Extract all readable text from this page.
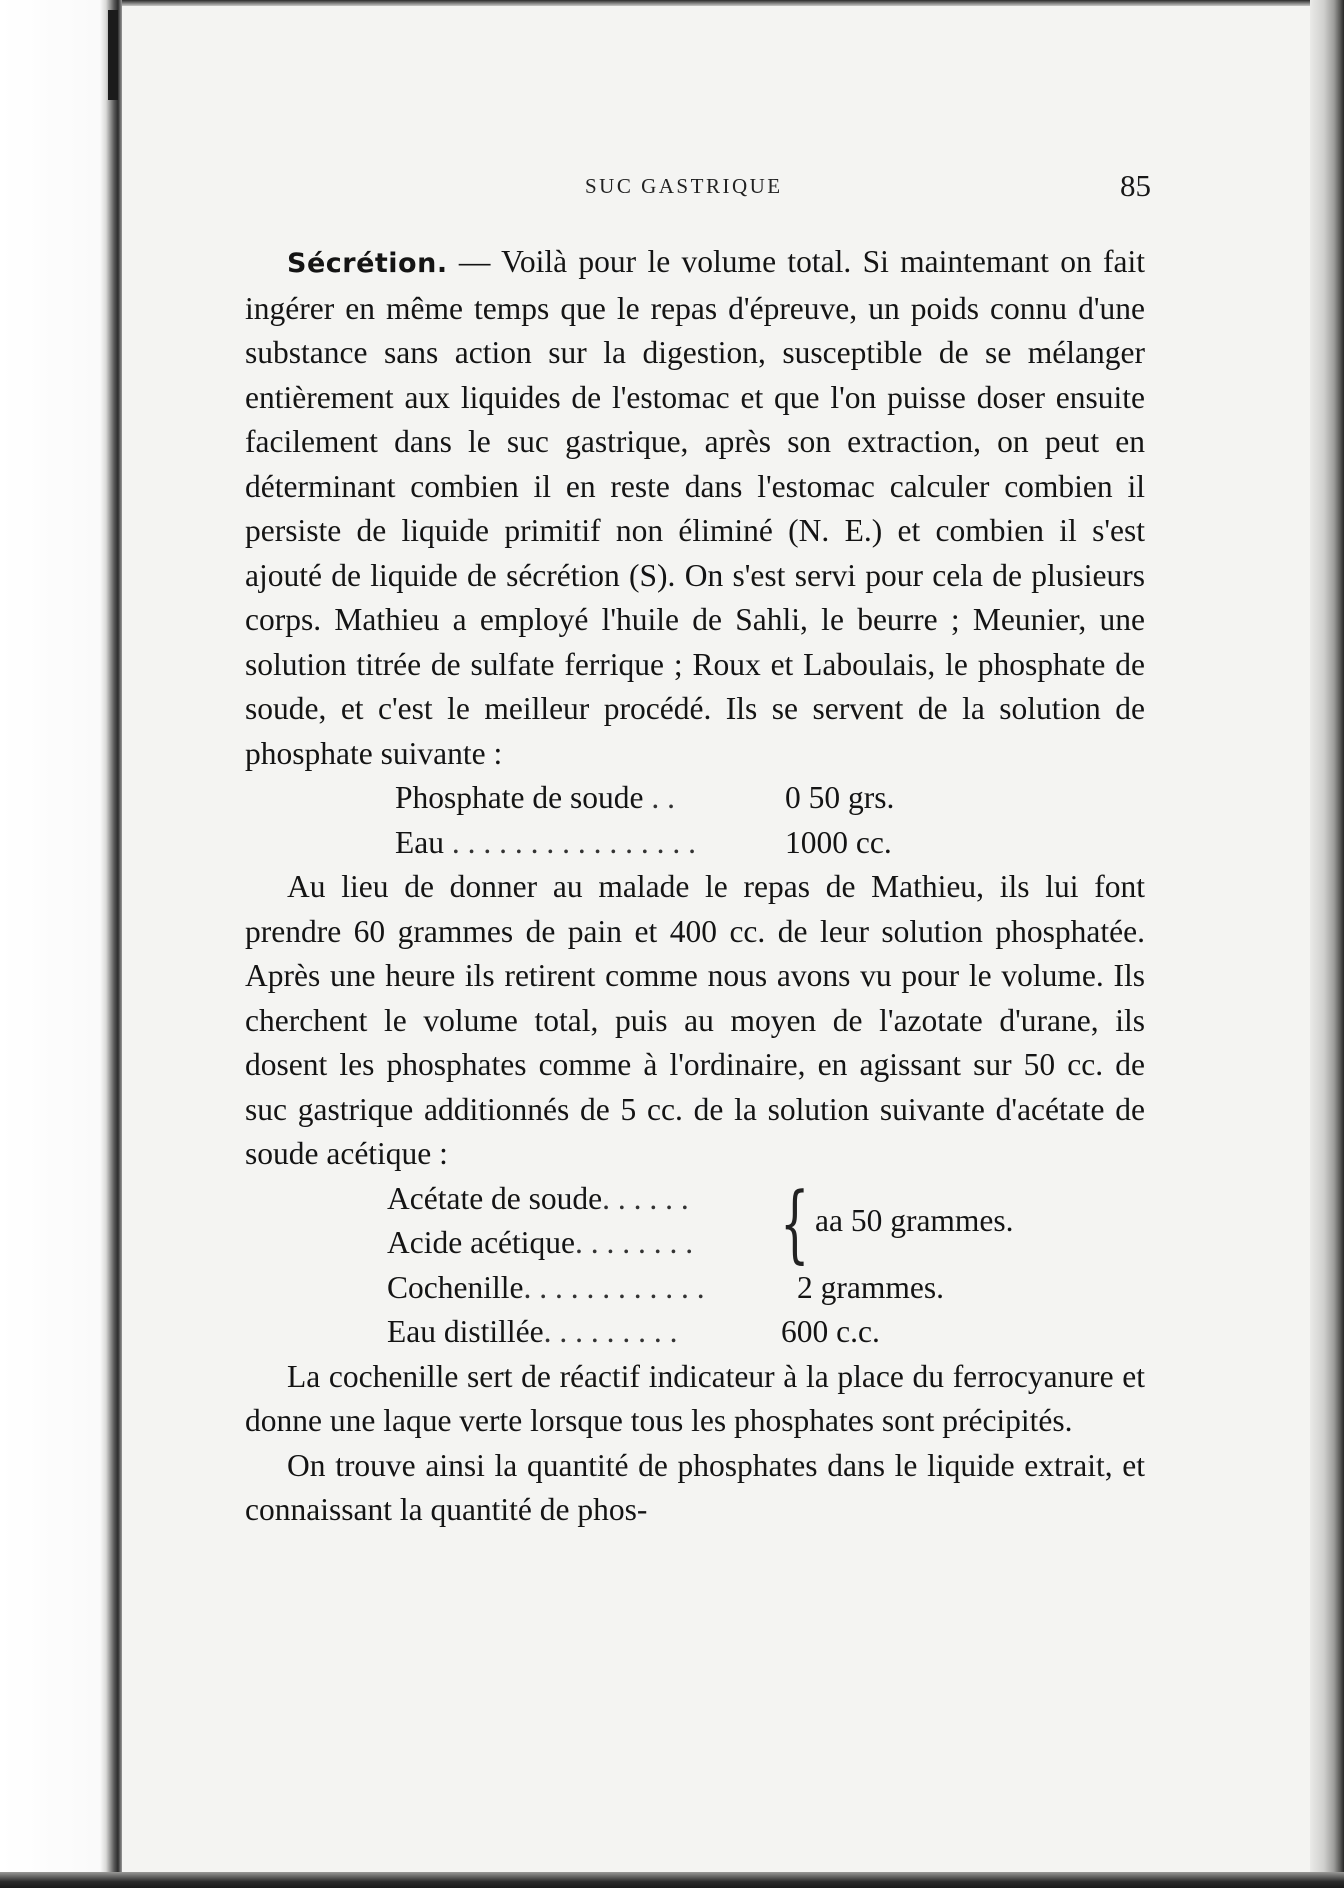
SUC GASTRIQUE	85

Sécrétion. — Voilà pour le volume total. Si maintemant on fait ingérer en même temps que le repas d'épreuve, un poids connu d'une substance sans action sur la digestion, susceptible de se mélanger entièrement aux liquides de l'estomac et que l'on puisse doser ensuite facilement dans le suc gastrique, après son extraction, on peut en déterminant combien il en reste dans l'estomac calculer combien il persiste de liquide primitif non éliminé (N. E.) et combien il s'est ajouté de liquide de sécrétion (S). On s'est servi pour cela de plusieurs corps. Mathieu a employé l'huile de Sahli, le beurre ; Meunier, une solution titrée de sulfate ferrique ; Roux et Laboulais, le phosphate de soude, et c'est le meilleur procédé. Ils se servent de la solution de phosphate suivante :

Phosphate de soude . .	0 50 grs.
Eau . . . . . . . . . . . . . . . .	1000 cc.

Au lieu de donner au malade le repas de Mathieu, ils lui font prendre 60 grammes de pain et 400 cc. de leur solution phosphatée. Après une heure ils retirent comme nous avons vu pour le volume. Ils cherchent le volume total, puis au moyen de l'azotate d'urane, ils dosent les phosphates comme à l'ordinaire, en agissant sur 50 cc. de suc gastrique additionnés de 5 cc. de la solution suivante d'acétate de soude acétique :

Acétate de soude. . . . . .
Acide acétique. . . . . . . . { aa 50 grammes.
Cochenille. . . . . . . . . . . .	2 grammes.
Eau distillée. . . . . . . . .	600 c.c.

La cochenille sert de réactif indicateur à la place du ferrocyanure et donne une laque verte lorsque tous les phosphates sont précipités.

On trouve ainsi la quantité de phosphates dans le liquide extrait, et connaissant la quantité de phos-
